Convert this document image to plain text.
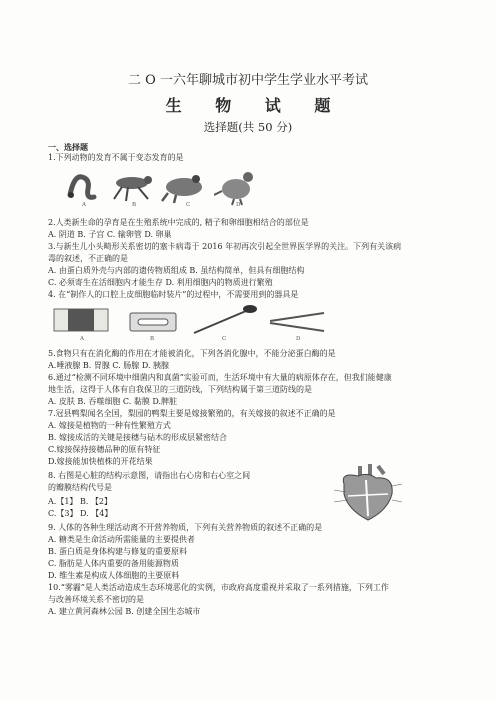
二 O 一六年聊城市初中学生学业水平考试
生 物 试 题
选择题(共 50 分)
一、选择题
1.下列动物的发育不属于变态发育的是
A	B	C	D
2.人类新生命的孕育是在生殖系统中完成的, 精子和卵细胞相结合的部位是
A. 阴道 B. 子宫 C. 输卵管 D. 卵巢
3.与新生儿小头畸形关系密切的塞卡病毒于 2016 年初再次引起全世界医学界的关注。下列有关该病
毒的叙述，不正确的是
A. 由蛋白质外壳与内部的遗传物质组成 B. 虽结构简单，但具有细胞结构
C. 必须寄生在活细胞内才能生存 D. 利用细胞内的物质进行繁殖
4. 在“制作人的口腔上皮细胞临时装片”的过程中，不需要用到的器具是
A	B	C	D
5.食物只有在消化酶的作用在才能被消化，下列各消化腺中，不能分泌蛋白酶的是
A.唾液腺 B. 胃腺 C. 肠腺 D. 胰腺
6.通过“检测不同环境中细菌内和真菌”实验可而，生活环境中有大量的病原体存在，但我们能健康
地生活，这得于人体有自我保卫的三道防线，下列结构属于第三道防线的是
A. 皮肤 B. 吞噬细胞 C. 黏膜 D.脾脏
7.冠县鸭梨闻名全国，梨园的鸭梨主要是嫁接繁殖的，有关嫁接的叙述不正确的是
A. 嫁接是植物的一种有性繁殖方式
B. 嫁接成活的关键是接穗与砧木的形成层紧密结合
C.嫁接保持接穗品种的原有特征
D.嫁接能加快植株的开花结果
8. 右图是心脏的结构示意图，请指出右心房和右心室之间
的瓣膜结构代号是
A.【1】 B. 【2】
C.【3】 D. 【4】
9. 人体的各种生理活动离不开营养物质，下列有关营养物质的叙述不正确的是
A. 糖类是生命活动所需能量的主要提供者
B. 蛋白质是身体构建与修复的重要原料
C. 脂肪是人体内重要的备用能源物质
D. 维生素是构成人体细胞的主要原料
10.“雾霾”是人类活动造成生态环境恶化的实例，市政府高度重视并采取了一系列措施，下列工作
与改善环境关系不密切的是
A. 建立黄河森林公园 B. 创建全国生态城市
